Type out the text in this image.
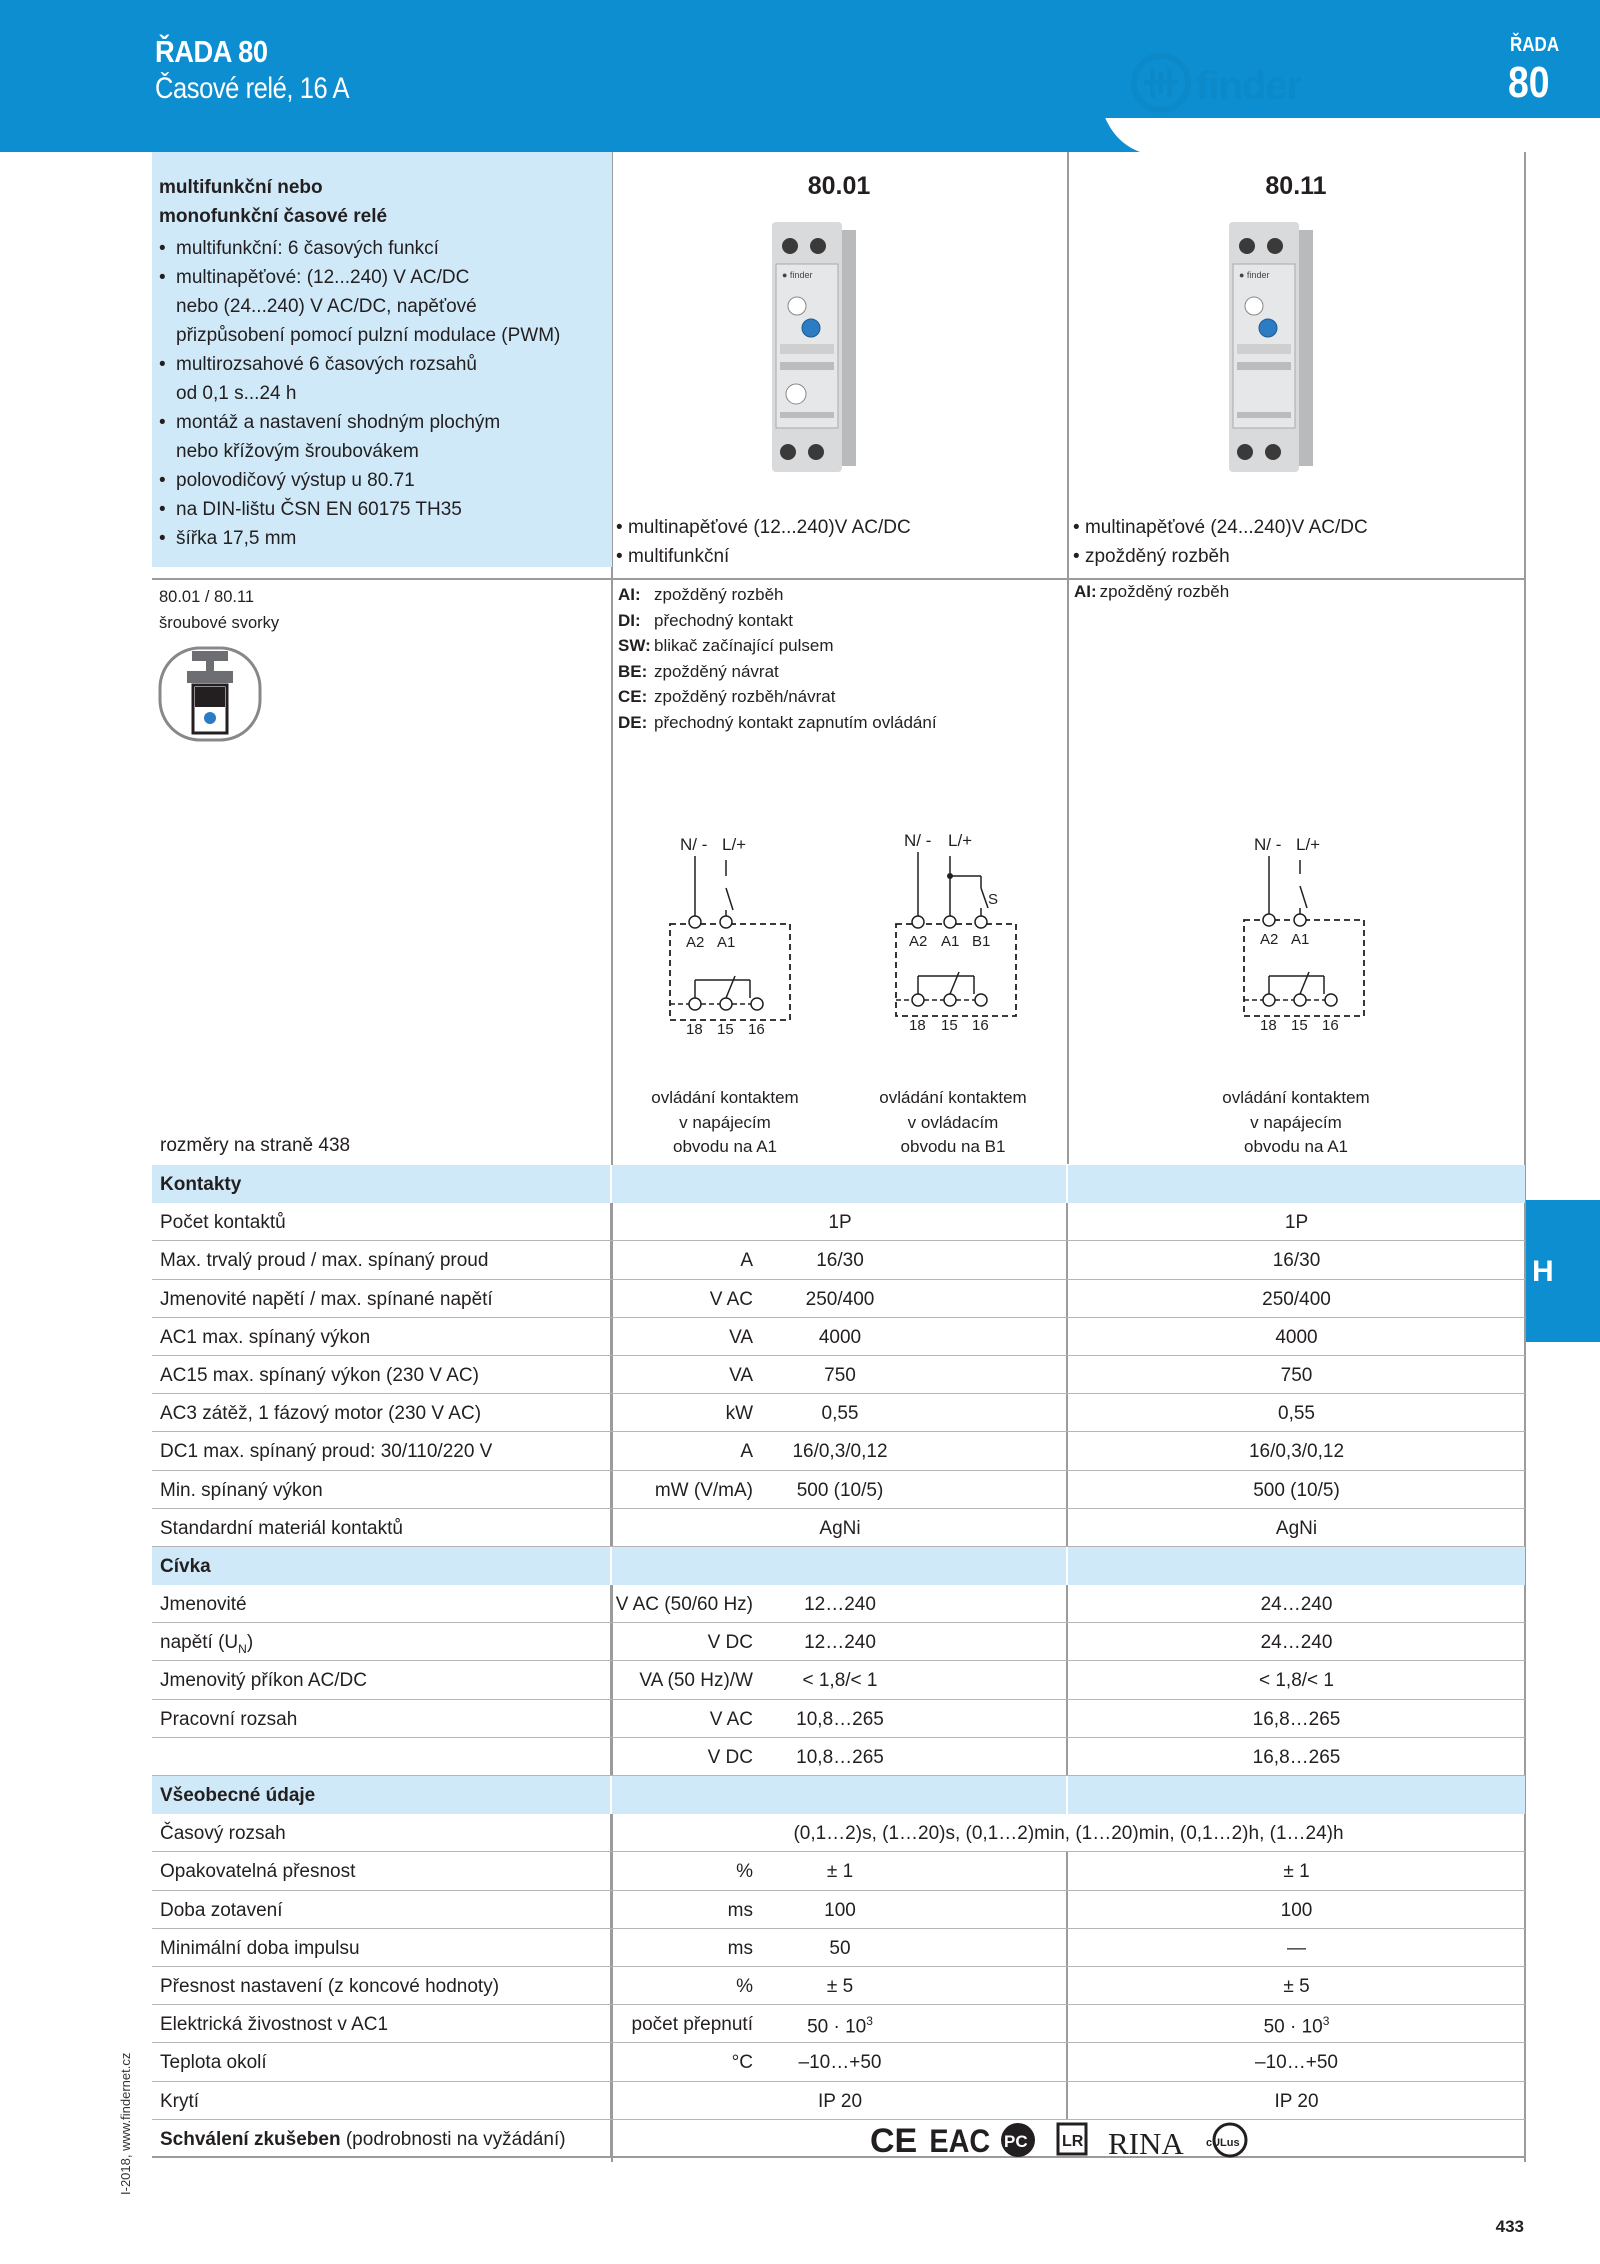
ŘADA 80
Časové relé, 16 A	finder
ŘADA
80
H
multifunkční nebo
monofunkční časové relé
• multifunkční: 6 časových funkcí
• multinapěťové: (12...240) V AC/DC
nebo (24...240) V AC/DC, napěťové
přizpůsobení pomocí pulzní modulace (PWM)
• multirozsahové 6 časových rozsahů
od 0,1 s...24 h
• montáž a nastavení shodným plochým
nebo křížovým šroubovákem
• polovodičový výstup u 80.71
• na DIN-lištu ČSN EN 60175 TH35
• šířka 17,5 mm
80.01
● finder
• multinapěťové (12...240)V AC/DC
• multifunkční
AI: zpožděný rozběh
DI: přechodný kontakt
SW: blikač začínající pulsem
BE: zpožděný návrat
CE: zpožděný rozběh/návrat
DE: přechodný kontakt zapnutím ovládání
80.11
● finder
• multinapěťové (24...240)V AC/DC
• zpožděný rozběh
AI: zpožděný rozběh
80.01 / 80.11
šroubové svorky
N/ - L/+
A2 A1
18 15 16
N/ - L/+
S
A2 A1 B1
18 15 16
N/ - L/+
A2 A1
18 15 16
ovládání kontaktem
v napájecím
obvodu na A1
ovládání kontaktem
v ovládacím
obvodu na B1
ovládání kontaktem
v napájecím
obvodu na A1
rozměry na straně 438
Kontakty
Počet kontaktů	1P	1P
Max. trvalý proud / max. spínaný proud	A	16/30	16/30
Jmenovité napětí / max. spínané napětí	V AC	250/400	250/400
AC1 max. spínaný výkon	VA	4000	4000
AC15 max. spínaný výkon (230 V AC)	VA	750	750
AC3 zátěž, 1 fázový motor (230 V AC)	kW	0,55	0,55
DC1 max. spínaný proud: 30/110/220 V	A	16/0,3/0,12	16/0,3/0,12
Min. spínaný výkon	mW (V/mA)	500 (10/5)	500 (10/5)
Standardní materiál kontaktů	AgNi	AgNi
Cívka
Jmenovité	V AC (50/60 Hz)	12…240	24…240
napětí $(U_N)$	V DC	12…240	24…240
Jmenovitý příkon AC/DC	VA (50 Hz)/W	< 1,8/< 1	< 1,8/< 1
Pracovní rozsah	V AC	10,8…265	16,8…265
V DC	10,8…265	16,8…265
Všeobecné údaje
Časový rozsah	(0,1…2)s, (1…20)s, (0,1…2)min, (1…20)min, (0,1…2)h, (1…24)h
Opakovatelná přesnost	%	± 1	± 1
Doba zotavení	ms	100	100
Minimální doba impulsu	ms	50	—
Přesnost nastavení (z koncové hodnoty)	%	± 5	± 5
Elektrická živostnost v AC1	počet přepnutí	$50 \cdot 10^3$	$50 \cdot 10^3$
Teplota okolí	°C	–10…+50	–10…+50
Krytí	IP 20	IP 20
Schválení zkušeben (podrobnosti na vyžádání)	CE EAC PC LR RINA cULus
I-2018, www.findernet.cz
433
